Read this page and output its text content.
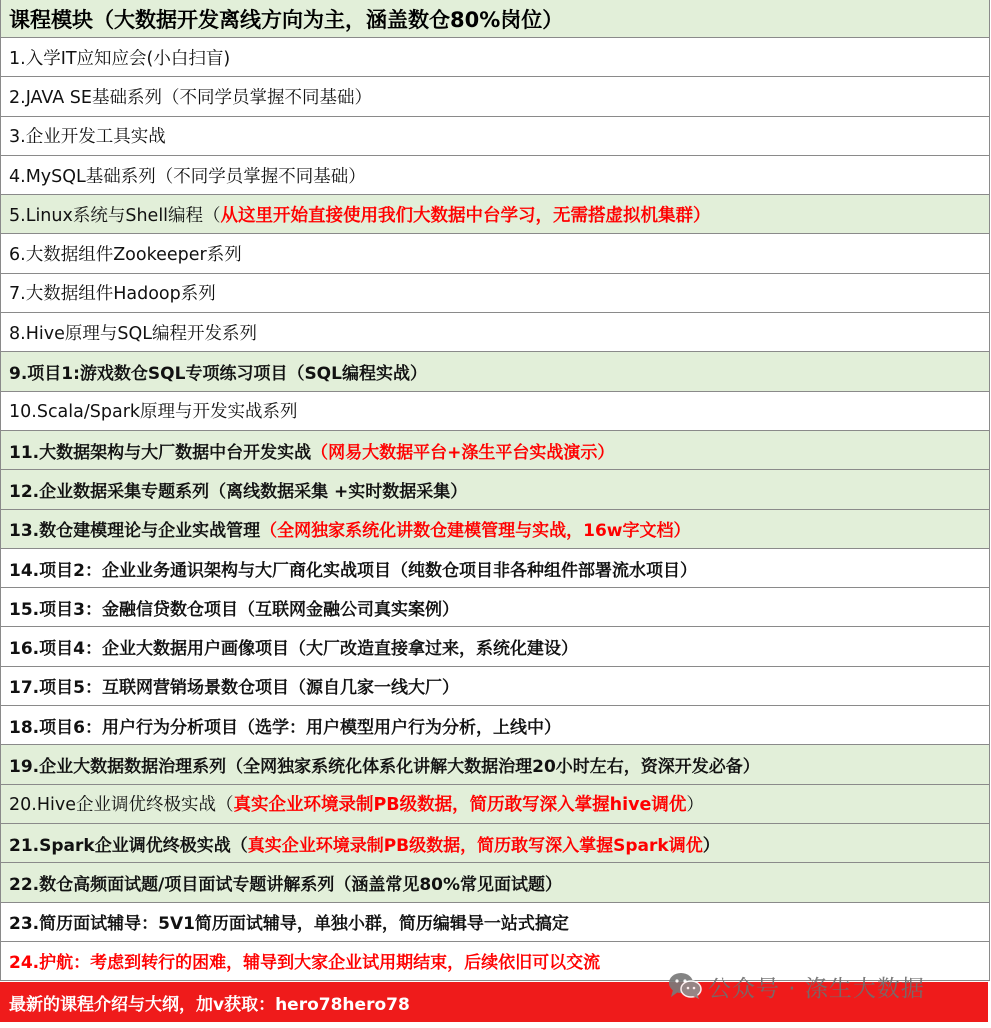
课程模块（大数据开发离线方向为主，涵盖数仓80%岗位）
1.入学IT应知应会(小白扫盲)
2.JAVA SE基础系列（不同学员掌握不同基础）
3.企业开发工具实战
4.MySQL基础系列（不同学员掌握不同基础）
5.Linux系统与Shell编程（ 从这里开始直接使用我们大数据中台学习，无需搭虚拟机集群）
6.大数据组件Zookeeper系列
7.大数据组件Hadoop系列
8.Hive原理与SQL编程开发系列
9.项目1:游戏数仓SQL专项练习项目（SQL编程实战）
10.Scala/Spark原理与开发实战系列
11.大数据架构与大厂数据中台开发实战 （网易大数据平台+涤生平台实战演示）
12.企业数据采集专题系列（离线数据采集 +实时数据采集）
13.数仓建模理论与企业实战管理 （全网独家系统化讲数仓建模管理与实战，16w字文档）
14.项目2：企业业务通识架构与大厂商化实战项目（纯数仓项目非各种组件部署流水项目）
15.项目3：金融信贷数仓项目（互联网金融公司真实案例）
16.项目4：企业大数据用户画像项目（大厂改造直接拿过来，系统化建设）
17.项目5：互联网营销场景数仓项目（源自几家一线大厂）
18.项目6：用户行为分析项目（选学：用户模型用户行为分析，上线中）
19.企业大数据数据治理系列（全网独家系统化体系化讲解大数据治理20小时左右，资深开发必备）
20.Hive企业调优终极实战（ 真实企业环境录制PB级数据，简历敢写深入掌握hive调优 ）
21.Spark企业调优终极实战（ 真实企业环境录制PB级数据，简历敢写深入掌握Spark调优 ）
22.数仓高频面试题/项目面试专题讲解系列（涵盖常见80%常见面试题）
23.简历面试辅导：5V1简历面试辅导，单独小群，简历编辑导一站式搞定
24.护航：考虑到转行的困难，辅导到大家企业试用期结束，后续依旧可以交流
最新的课程介绍与大纲，加v获取：hero78hero78
公众号 · 涤生大数据
